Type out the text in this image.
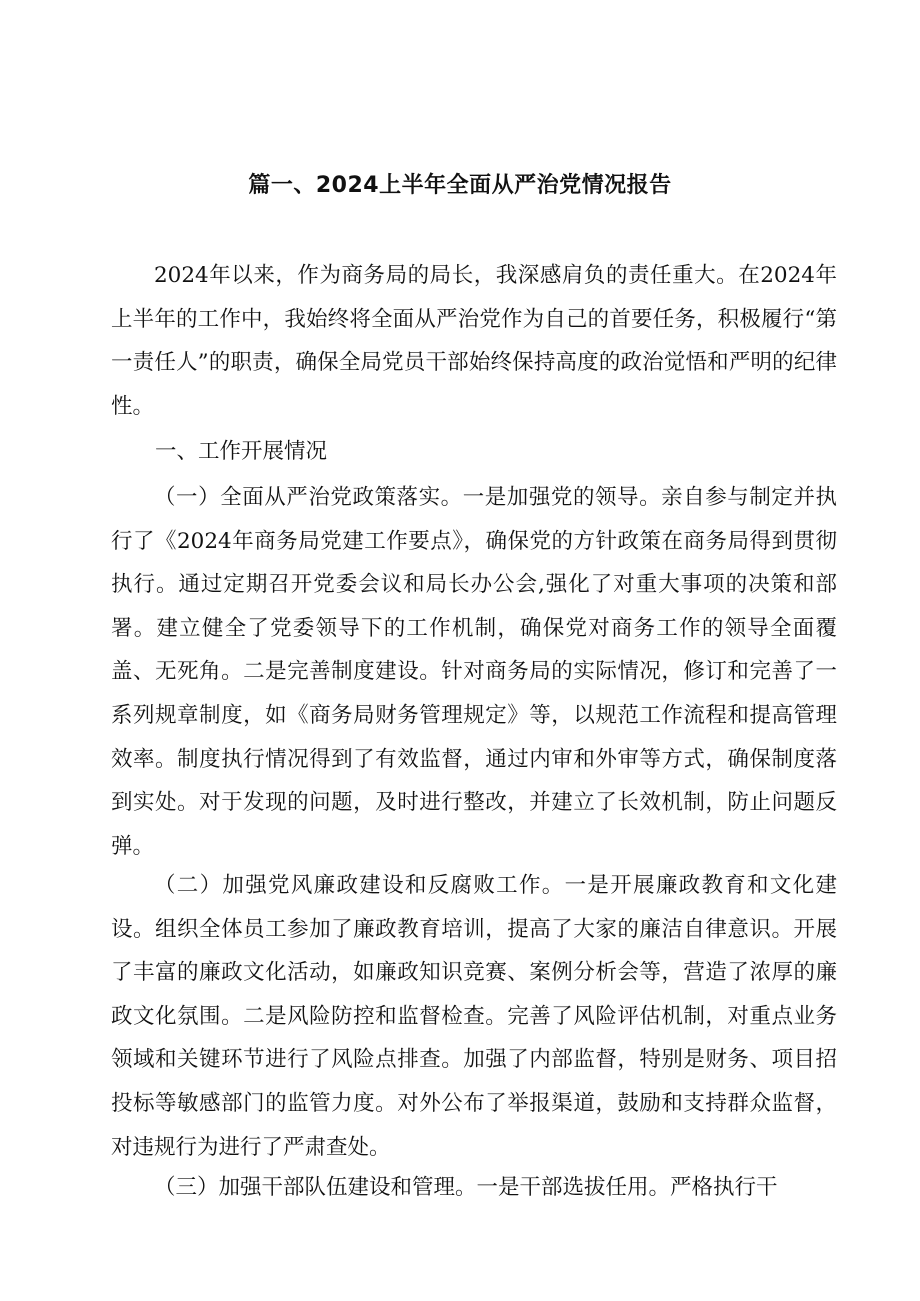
篇一、2024上半年全面从严治党情况报告

2024年以来，作为商务局的局长，我深感肩负的责任重大。在2024年上半年的工作中，我始终将全面从严治党作为自己的首要任务，积极履行“第一责任人”的职责，确保全局党员干部始终保持高度的政治觉悟和严明的纪律性。

一、工作开展情况

（一）全面从严治党政策落实。一是加强党的领导。亲自参与制定并执行了《2024年商务局党建工作要点》，确保党的方针政策在商务局得到贯彻执行。通过定期召开党委会议和局长办公会,强化了对重大事项的决策和部署。建立健全了党委领导下的工作机制，确保党对商务工作的领导全面覆盖、无死角。二是完善制度建设。针对商务局的实际情况，修订和完善了一系列规章制度，如《商务局财务管理规定》等，以规范工作流程和提高管理效率。制度执行情况得到了有效监督，通过内审和外审等方式，确保制度落到实处。对于发现的问题，及时进行整改，并建立了长效机制，防止问题反弹。

（二）加强党风廉政建设和反腐败工作。一是开展廉政教育和文化建设。组织全体员工参加了廉政教育培训，提高了大家的廉洁自律意识。开展了丰富的廉政文化活动，如廉政知识竞赛、案例分析会等，营造了浓厚的廉政文化氛围。二是风险防控和监督检查。完善了风险评估机制，对重点业务领域和关键环节进行了风险点排查。加强了内部监督，特别是财务、项目招投标等敏感部门的监管力度。对外公布了举报渠道，鼓励和支持群众监督，对违规行为进行了严肃查处。

（三）加强干部队伍建设和管理。一是干部选拔任用。严格执行干
